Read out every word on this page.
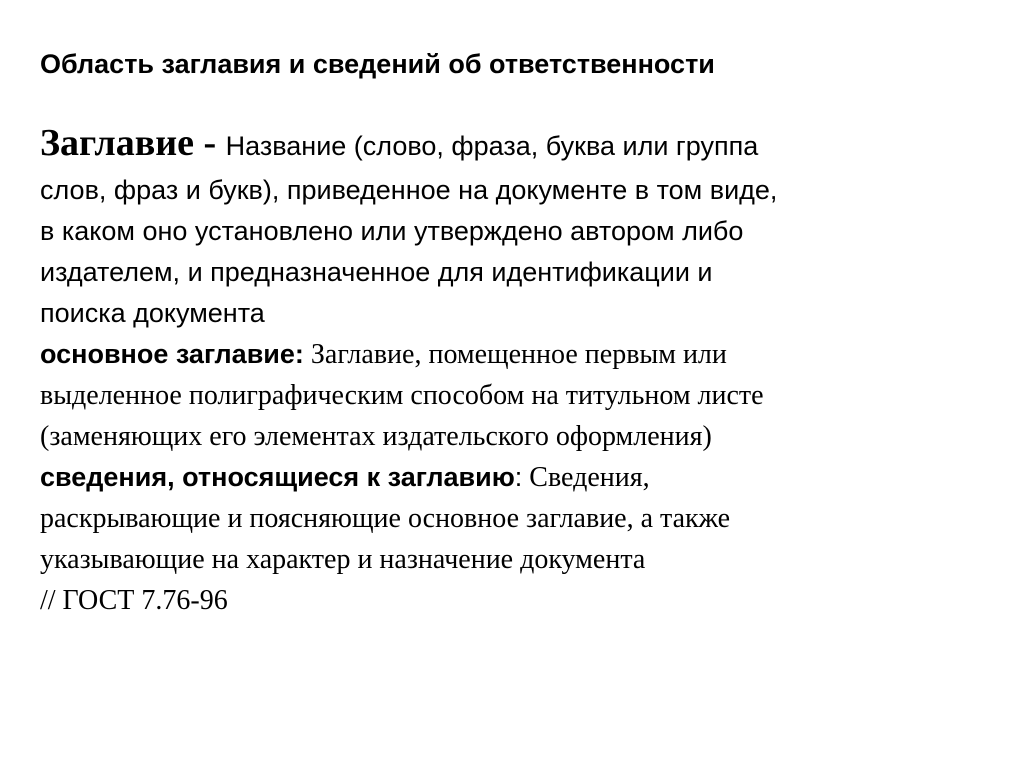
Область заглавия и сведений об ответственности
Заглавие - Название (слово, фраза, буква или группа
слов, фраз и букв), приведенное на документе в том виде,
в каком оно установлено или утверждено автором либо
издателем, и предназначенное для идентификации и
поиска документа
основное заглавие: Заглавие, помещенное первым или
выделенное полиграфическим способом на титульном листе
(заменяющих его элементах издательского оформления)
сведения, относящиеся к заглавию: Сведения,
раскрывающие и поясняющие основное заглавие, а также
указывающие на характер и назначение документа
// ГОСТ 7.76-96
